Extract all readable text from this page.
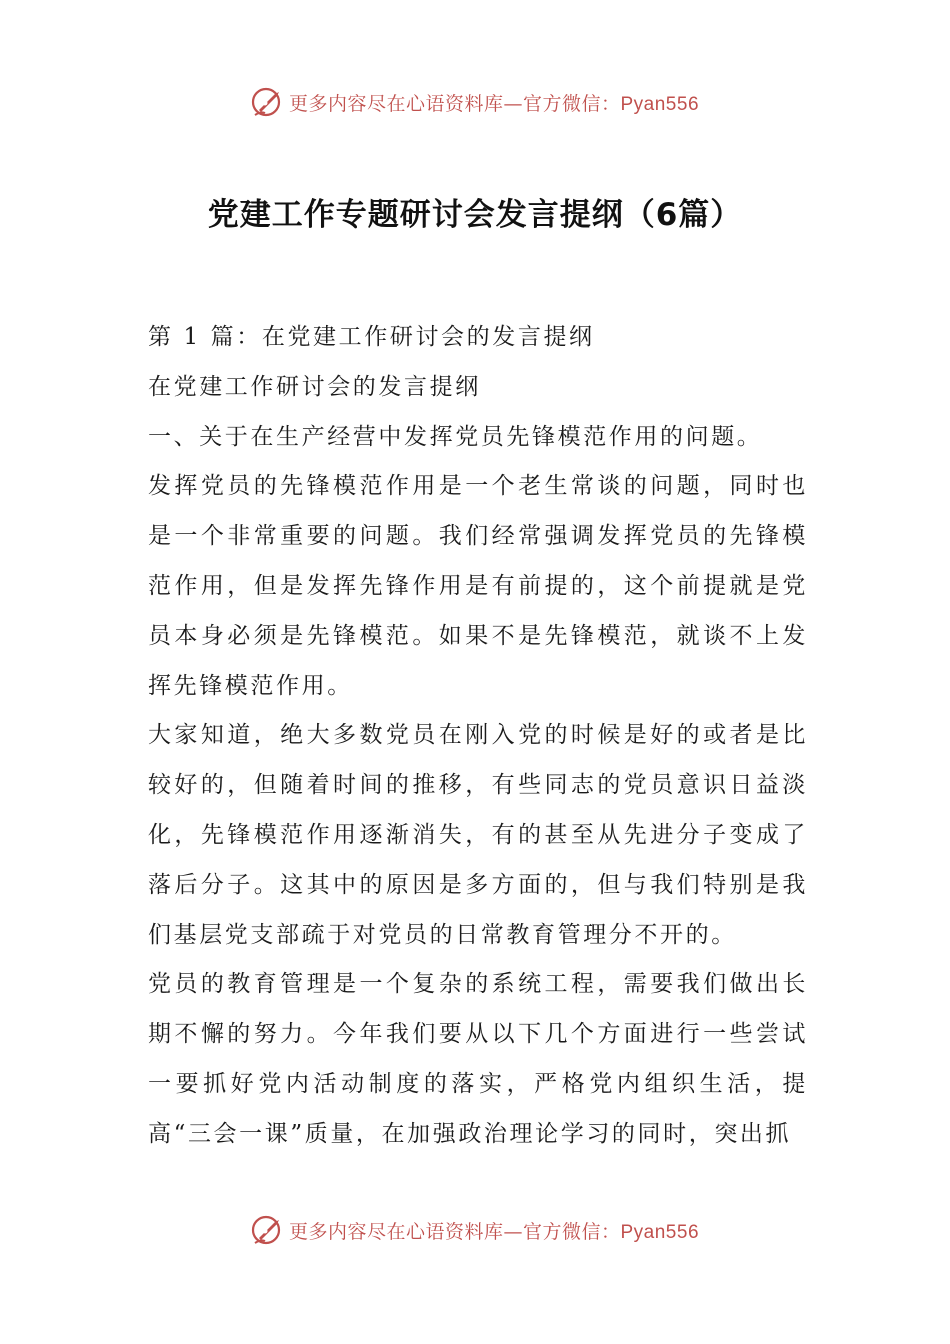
更多内容尽在心语资料库—官方微信：Pyan556
党建工作专题研讨会发言提纲（6篇）

第 1 篇：在党建工作研讨会的发言提纲

在党建工作研讨会的发言提纲

一、关于在生产经营中发挥党员先锋模范作用的问题。

发挥党员的先锋模范作用是一个老生常谈的问题，同时也是一个非常重要的问题。我们经常强调发挥党员的先锋模范作用，但是发挥先锋作用是有前提的，这个前提就是党员本身必须是先锋模范。如果不是先锋模范，就谈不上发挥先锋模范作用。

大家知道，绝大多数党员在刚入党的时候是好的或者是比较好的，但随着时间的推移，有些同志的党员意识日益淡化，先锋模范作用逐渐消失，有的甚至从先进分子变成了落后分子。这其中的原因是多方面的，但与我们特别是我们基层党支部疏于对党员的日常教育管理分不开的。

党员的教育管理是一个复杂的系统工程，需要我们做出长期不懈的努力。今年我们要从以下几个方面进行一些尝试一要抓好党内活动制度的落实，严格党内组织生活，提高“三会一课”质量，在加强政治理论学习的同时，突出抓

更多内容尽在心语资料库—官方微信：Pyan556
